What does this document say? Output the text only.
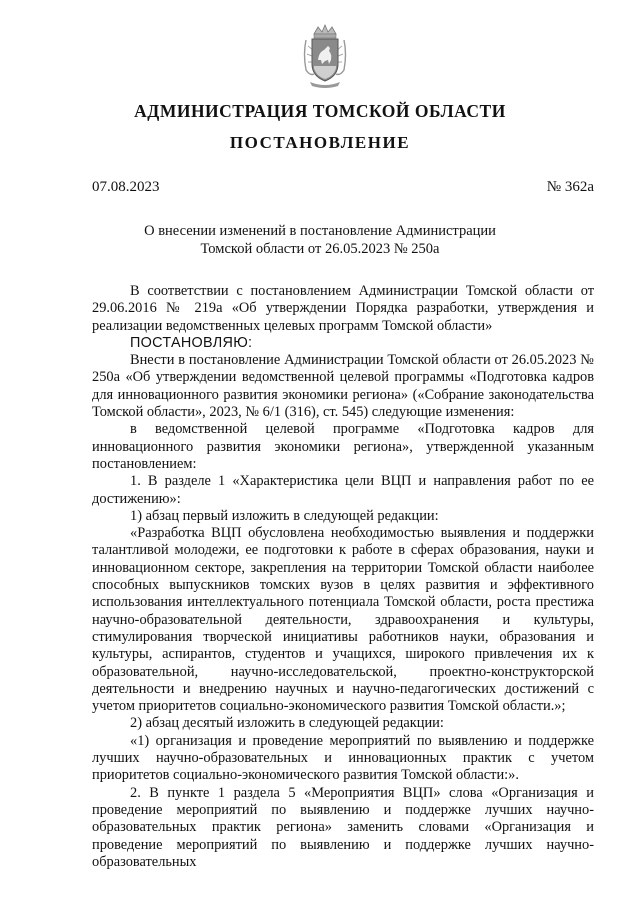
АДМИНИСТРАЦИЯ ТОМСКОЙ ОБЛАСТИ
ПОСТАНОВЛЕНИЕ
07.08.2023	№ 362а
О внесении изменений в постановление Администрации
Томской области от 26.05.2023 № 250а

В соответствии с постановлением Администрации Томской области от 29.06.2016 № 219а «Об утверждении Порядка разработки, утверждения и реализации ведомственных целевых программ Томской области»

ПОСТАНОВЛЯЮ:

Внести в постановление Администрации Томской области от 26.05.2023 № 250а «Об утверждении ведомственной целевой программы «Подготовка кадров для инновационного развития экономики региона» («Собрание законодательства Томской области», 2023, № 6/1 (316), ст. 545) следующие изменения:

в ведомственной целевой программе «Подготовка кадров для инновационного развития экономики региона», утвержденной указанным постановлением:

1. В разделе 1 «Характеристика цели ВЦП и направления работ по ее достижению»:

1) абзац первый изложить в следующей редакции:

«Разработка ВЦП обусловлена необходимостью выявления и поддержки талантливой молодежи, ее подготовки к работе в сферах образования, науки и инновационном секторе, закрепления на территории Томской области наиболее способных выпускников томских вузов в целях развития и эффективного использования интеллектуального потенциала Томской области, роста престижа научно-образовательной деятельности, здравоохранения и культуры, стимулирования творческой инициативы работников науки, образования и культуры, аспирантов, студентов и учащихся, широкого привлечения их к образовательной, научно-исследовательской, проектно-конструкторской деятельности и внедрению научных и научно-педагогических достижений с учетом приоритетов социально-экономического развития Томской области.»;

2) абзац десятый изложить в следующей редакции:

«1) организация и проведение мероприятий по выявлению и поддержке лучших научно-образовательных и инновационных практик с учетом приоритетов социально-экономического развития Томской области:».

2. В пункте 1 раздела 5 «Мероприятия ВЦП» слова «Организация и проведение мероприятий по выявлению и поддержке лучших научно-образовательных практик региона» заменить словами «Организация и проведение мероприятий по выявлению и поддержке лучших научно-образовательных
